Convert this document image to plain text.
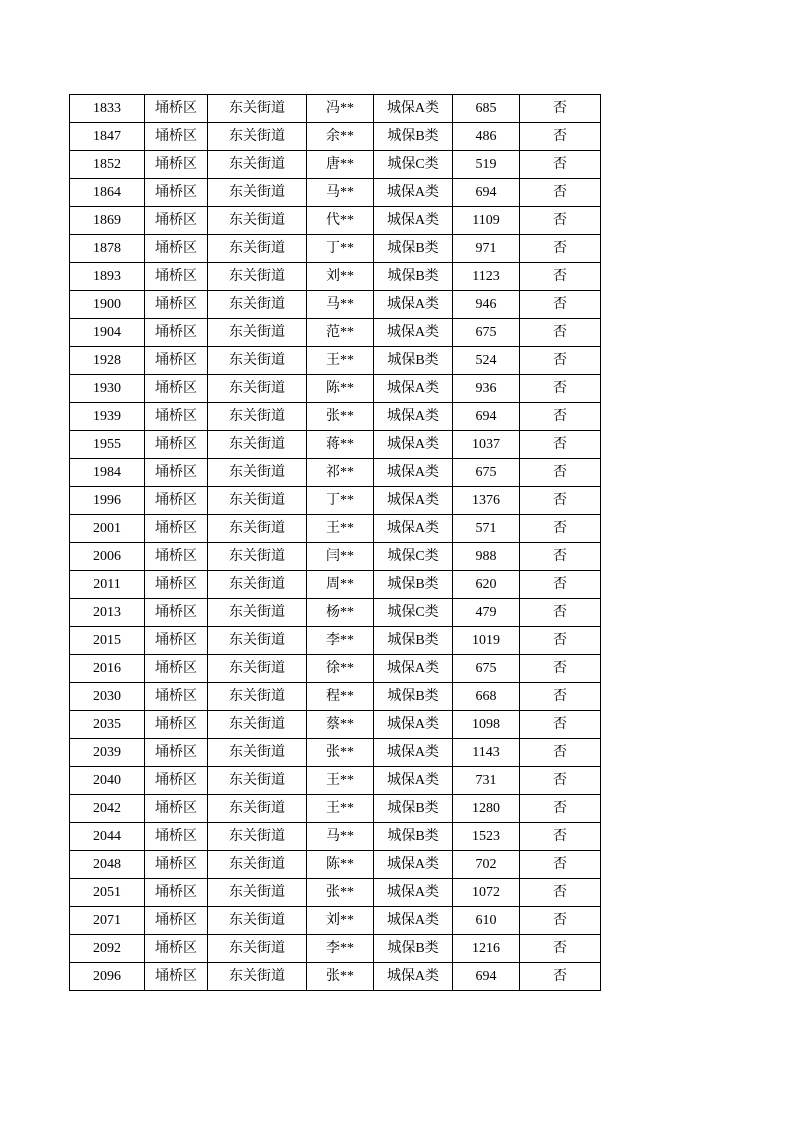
1833	埇桥区	东关街道	冯**	城保A类	685	否
1847	埇桥区	东关街道	余**	城保B类	486	否
1852	埇桥区	东关街道	唐**	城保C类	519	否
1864	埇桥区	东关街道	马**	城保A类	694	否
1869	埇桥区	东关街道	代**	城保A类	1109	否
1878	埇桥区	东关街道	丁**	城保B类	971	否
1893	埇桥区	东关街道	刘**	城保B类	1123	否
1900	埇桥区	东关街道	马**	城保A类	946	否
1904	埇桥区	东关街道	范**	城保A类	675	否
1928	埇桥区	东关街道	王**	城保B类	524	否
1930	埇桥区	东关街道	陈**	城保A类	936	否
1939	埇桥区	东关街道	张**	城保A类	694	否
1955	埇桥区	东关街道	蒋**	城保A类	1037	否
1984	埇桥区	东关街道	祁**	城保A类	675	否
1996	埇桥区	东关街道	丁**	城保A类	1376	否
2001	埇桥区	东关街道	王**	城保A类	571	否
2006	埇桥区	东关街道	闫**	城保C类	988	否
2011	埇桥区	东关街道	周**	城保B类	620	否
2013	埇桥区	东关街道	杨**	城保C类	479	否
2015	埇桥区	东关街道	李**	城保B类	1019	否
2016	埇桥区	东关街道	徐**	城保A类	675	否
2030	埇桥区	东关街道	程**	城保B类	668	否
2035	埇桥区	东关街道	蔡**	城保A类	1098	否
2039	埇桥区	东关街道	张**	城保A类	1143	否
2040	埇桥区	东关街道	王**	城保A类	731	否
2042	埇桥区	东关街道	王**	城保B类	1280	否
2044	埇桥区	东关街道	马**	城保B类	1523	否
2048	埇桥区	东关街道	陈**	城保A类	702	否
2051	埇桥区	东关街道	张**	城保A类	1072	否
2071	埇桥区	东关街道	刘**	城保A类	610	否
2092	埇桥区	东关街道	李**	城保B类	1216	否
2096	埇桥区	东关街道	张**	城保A类	694	否
